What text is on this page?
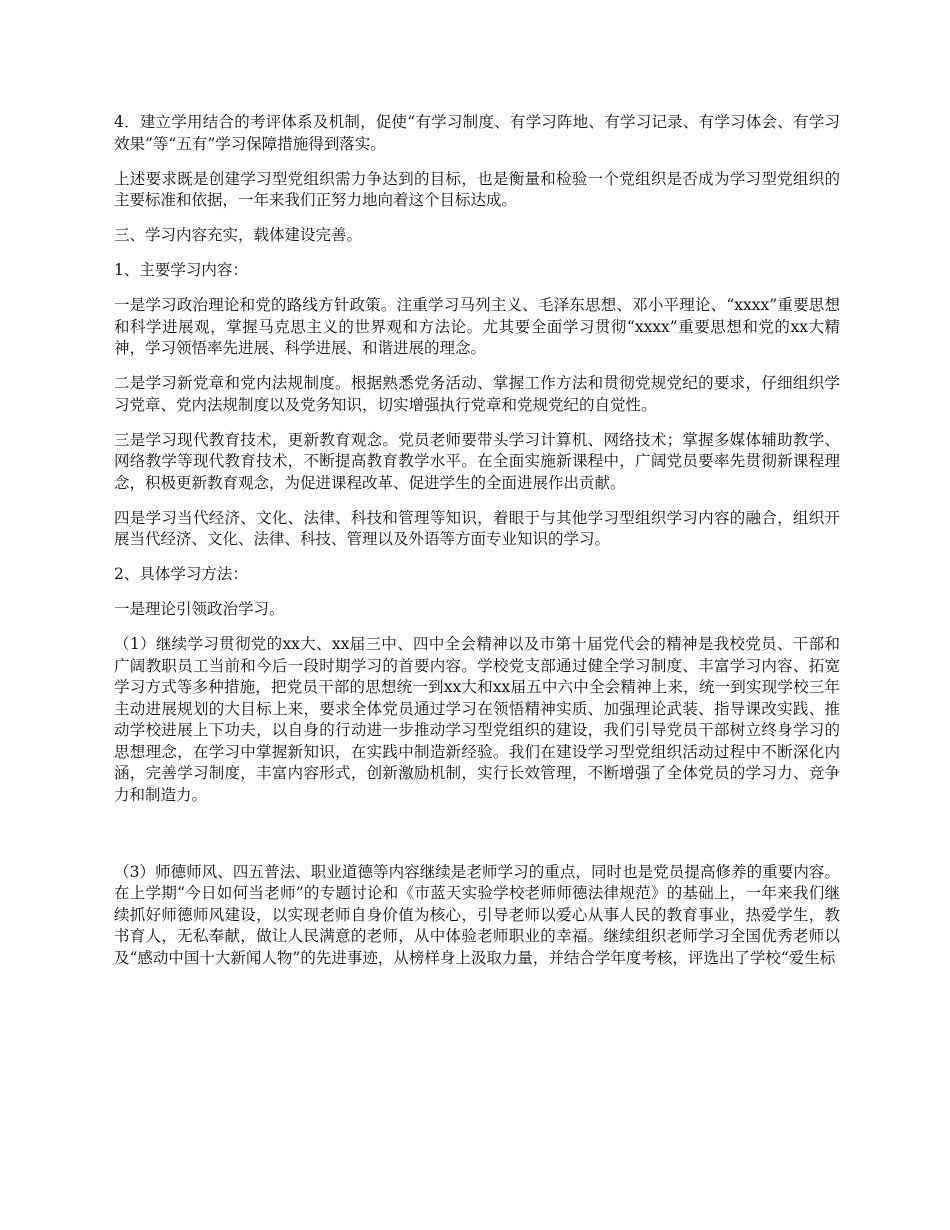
4．建立学用结合的考评体系及机制，促使“有学习制度、有学习阵地、有学习记录、有学习体会、有学习效果”等“五有”学习保障措施得到落实。

上述要求既是创建学习型党组织需力争达到的目标，也是衡量和检验一个党组织是否成为学习型党组织的主要标准和依据，一年来我们正努力地向着这个目标达成。

三、学习内容充实，载体建设完善。

1、主要学习内容：

一是学习政治理论和党的路线方针政策。注重学习马列主义、毛泽东思想、邓小平理论、“xxxx”重要思想和科学进展观，掌握马克思主义的世界观和方法论。尤其要全面学习贯彻“xxxx”重要思想和党的xx大精神，学习领悟率先进展、科学进展、和谐进展的理念。

二是学习新党章和党内法规制度。根据熟悉党务活动、掌握工作方法和贯彻党规党纪的要求，仔细组织学习党章、党内法规制度以及党务知识，切实增强执行党章和党规党纪的自觉性。

三是学习现代教育技术，更新教育观念。党员老师要带头学习计算机、网络技术；掌握多媒体辅助教学、网络教学等现代教育技术，不断提高教育教学水平。在全面实施新课程中，广阔党员要率先贯彻新课程理念，积极更新教育观念，为促进课程改革、促进学生的全面进展作出贡献。

四是学习当代经济、文化、法律、科技和管理等知识，着眼于与其他学习型组织学习内容的融合，组织开展当代经济、文化、法律、科技、管理以及外语等方面专业知识的学习。

2、具体学习方法：

一是理论引领政治学习。

（1）继续学习贯彻党的xx大、xx届三中、四中全会精神以及市第十届党代会的精神是我校党员、干部和广阔教职员工当前和今后一段时期学习的首要内容。学校党支部通过健全学习制度、丰富学习内容、拓宽学习方式等多种措施，把党员干部的思想统一到xx大和xx届五中六中全会精神上来，统一到实现学校三年主动进展规划的大目标上来，要求全体党员通过学习在领悟精神实质、加强理论武装、指导课改实践、推动学校进展上下功夫，以自身的行动进一步推动学习型党组织的建设，我们引导党员干部树立终身学习的思想理念，在学习中掌握新知识，在实践中制造新经验。我们在建设学习型党组织活动过程中不断深化内涵，完善学习制度，丰富内容形式，创新激励机制，实行长效管理，不断增强了全体党员的学习力、竞争力和制造力。

（3）师德师风、四五普法、职业道德等内容继续是老师学习的重点，同时也是党员提高修养的重要内容。在上学期“今日如何当老师”的专题讨论和《市蓝天实验学校老师师德法律规范》的基础上，一年来我们继续抓好师德师风建设，以实现老师自身价值为核心，引导老师以爱心从事人民的教育事业，热爱学生，教书育人，无私奉献，做让人民满意的老师，从中体验老师职业的幸福。继续组织老师学习全国优秀老师以及“感动中国十大新闻人物”的先进事迹，从榜样身上汲取力量，并结合学年度考核，评选出了学校“爱生标
